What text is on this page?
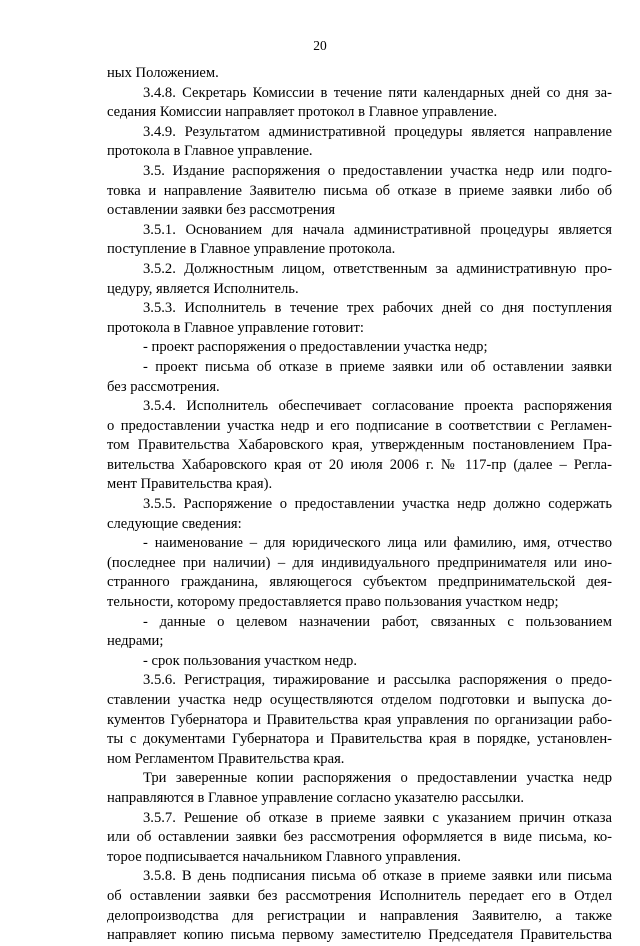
20
ных Положением.
3.4.8. Секретарь Комиссии в течение пяти календарных дней со дня за-
седания Комиссии направляет протокол в Главное управление.
3.4.9. Результатом административной процедуры является направление
протокола в Главное управление.
3.5. Издание распоряжения о предоставлении участка недр или подго-
товка и направление Заявителю письма об отказе в приеме заявки либо об
оставлении заявки без рассмотрения
3.5.1. Основанием для начала административной процедуры является
поступление в Главное управление протокола.
3.5.2. Должностным лицом, ответственным за административную про-
цедуру, является Исполнитель.
3.5.3. Исполнитель в течение трех рабочих дней со дня поступления
протокола в Главное управление готовит:
- проект распоряжения о предоставлении участка недр;
- проект письма об отказе в приеме заявки или об оставлении заявки
без рассмотрения.
3.5.4. Исполнитель обеспечивает согласование проекта распоряжения
о предоставлении участка недр и его подписание в соответствии с Регламен-
том Правительства Хабаровского края, утвержденным постановлением Пра-
вительства Хабаровского края от 20 июля 2006 г. № 117-пр (далее – Регла-
мент Правительства края).
3.5.5. Распоряжение о предоставлении участка недр должно содержать
следующие сведения:
- наименование – для юридического лица или фамилию, имя, отчество
(последнее при наличии) – для индивидуального предпринимателя или ино-
странного гражданина, являющегося субъектом предпринимательской дея-
тельности, которому предоставляется право пользования участком недр;
- данные о целевом назначении работ, связанных с пользованием
недрами;
- срок пользования участком недр.
3.5.6. Регистрация, тиражирование и рассылка распоряжения о предо-
ставлении участка недр осуществляются отделом подготовки и выпуска до-
кументов Губернатора и Правительства края управления по организации рабо-
ты с документами Губернатора и Правительства края в порядке, установлен-
ном Регламентом Правительства края.
Три заверенные копии распоряжения о предоставлении участка недр
направляются в Главное управление согласно указателю рассылки.
3.5.7. Решение об отказе в приеме заявки с указанием причин отказа
или об оставлении заявки без рассмотрения оформляется в виде письма, ко-
торое подписывается начальником Главного управления.
3.5.8. В день подписания письма об отказе в приеме заявки или письма
об оставлении заявки без рассмотрения Исполнитель передает его в Отдел
делопроизводства для регистрации и направления Заявителю, а также
направляет копию письма первому заместителю Председателя Правительства
